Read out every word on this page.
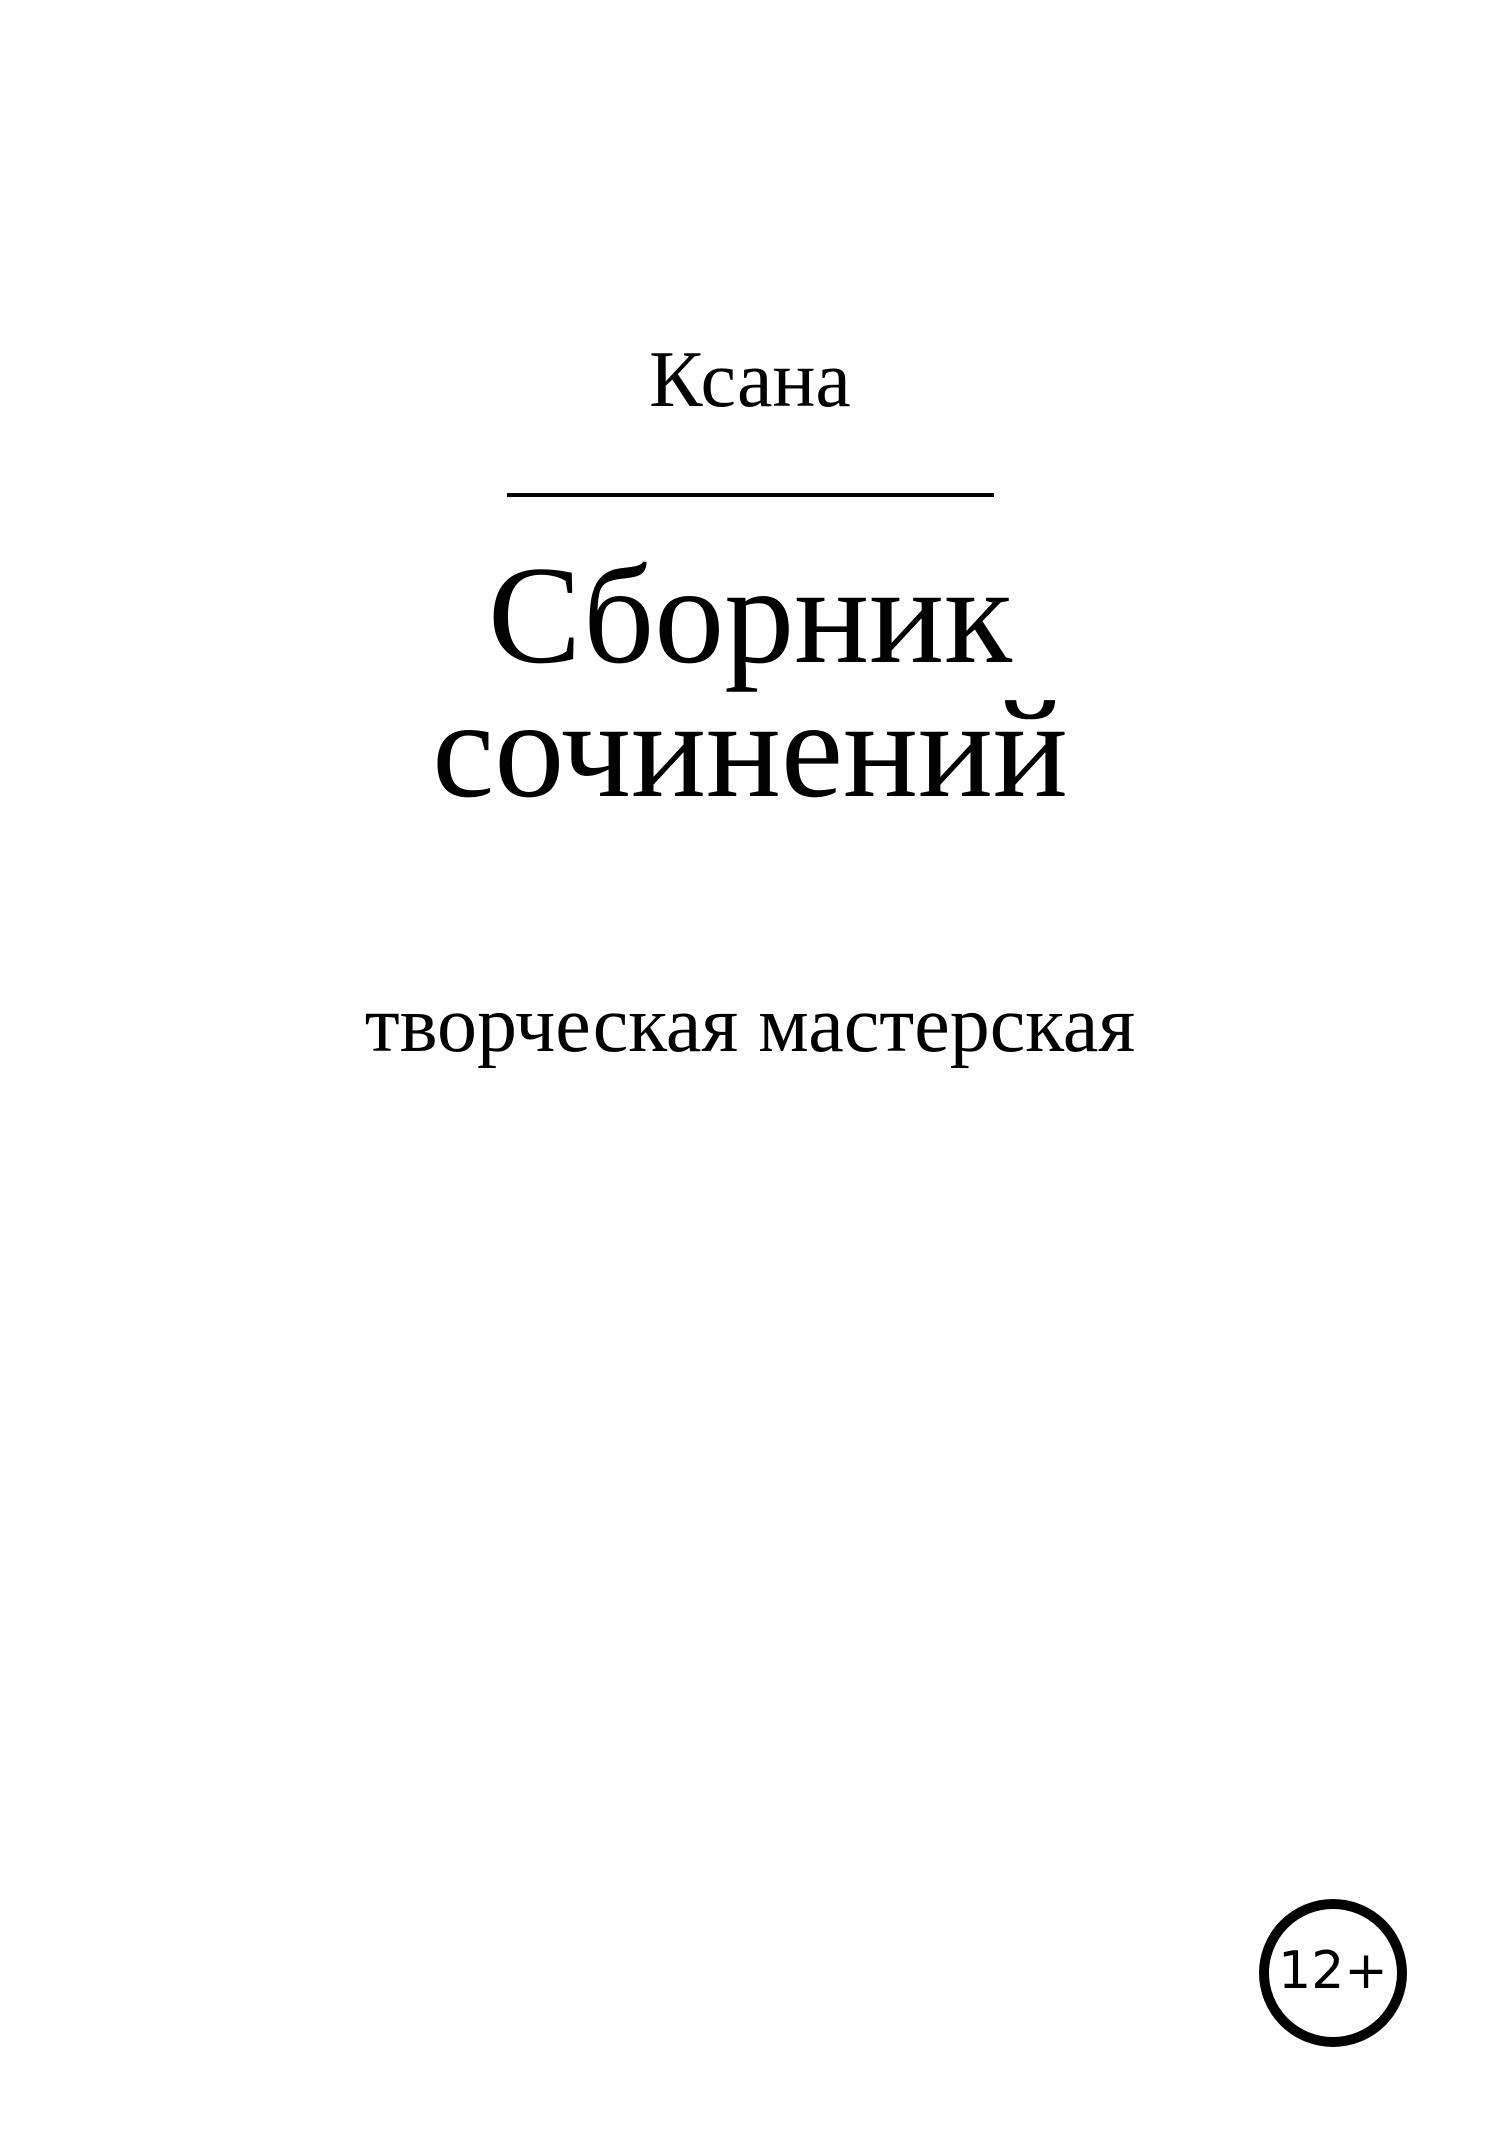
Ксана
Сборник
сочинений
творческая мастерская
12+
